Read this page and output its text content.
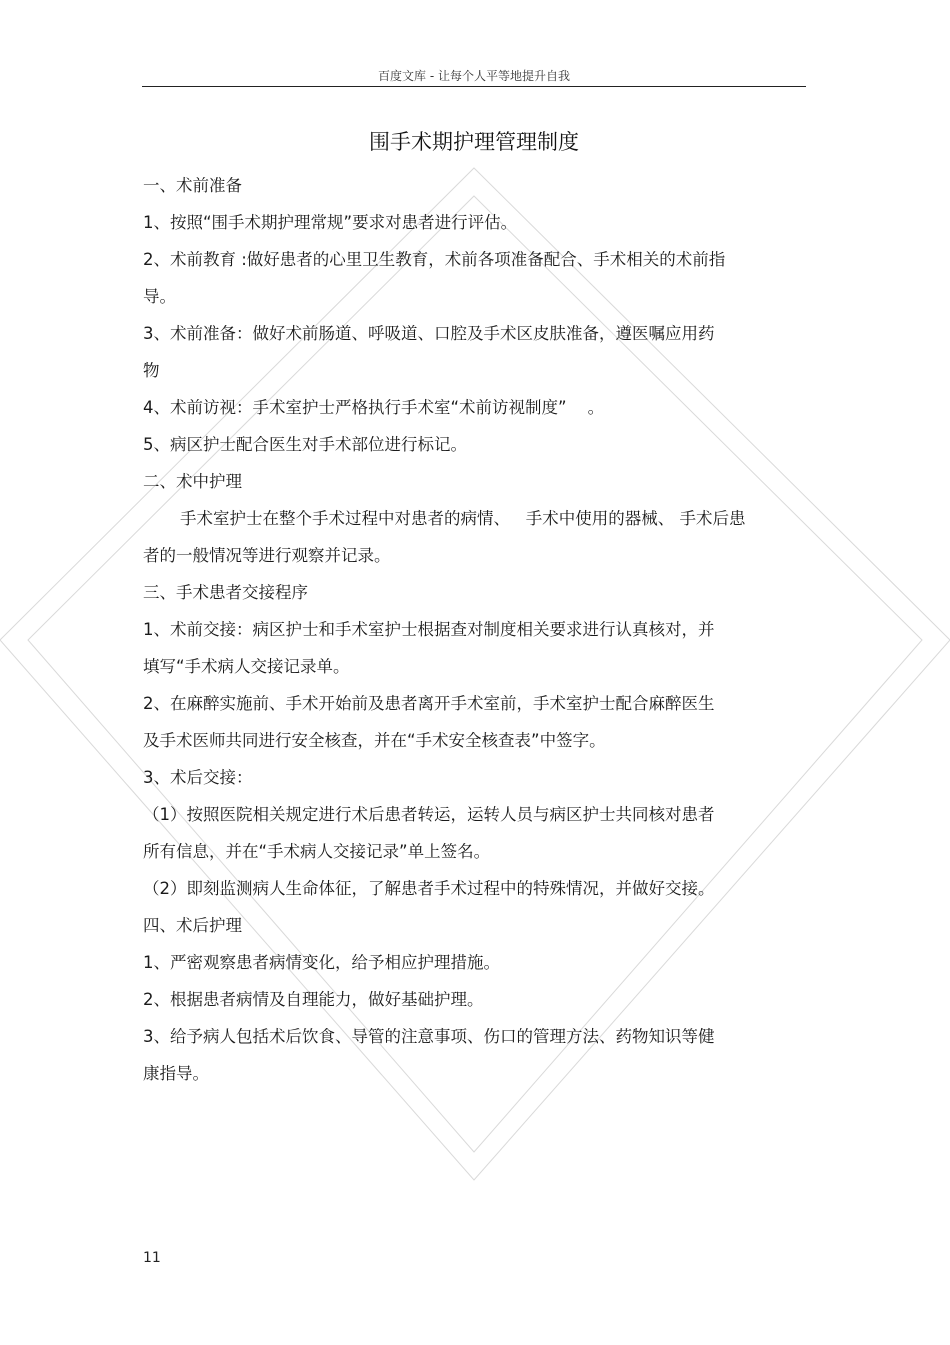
百度文库 - 让每个人平等地提升自我
围手术期护理管理制度
一、术前准备
1、按照“围手术期护理常规”要求对患者进行评估。
2、术前教育 :做好患者的心里卫生教育，术前各项准备配合、手术相关的术前指
导。
3、术前准备：做好术前肠道、呼吸道、口腔及手术区皮肤准备，遵医嘱应用药
物
4、术前访视：手术室护士严格执行手术室“术前访视制度”    。
5、病区护士配合医生对手术部位进行标记。
二、术中护理
手术室护士在整个手术过程中对患者的病情、   手术中使用的器械、 手术后患
者的一般情况等进行观察并记录。
三、手术患者交接程序
1、术前交接：病区护士和手术室护士根据查对制度相关要求进行认真核对，并
填写“手术病人交接记录单。
2、在麻醉实施前、手术开始前及患者离开手术室前，手术室护士配合麻醉医生
及手术医师共同进行安全核查，并在“手术安全核查表”中签字。
3、术后交接：
（1）按照医院相关规定进行术后患者转运，运转人员与病区护士共同核对患者
所有信息，并在“手术病人交接记录”单上签名。
（2）即刻监测病人生命体征，了解患者手术过程中的特殊情况，并做好交接。
四、术后护理
1、严密观察患者病情变化，给予相应护理措施。
2、根据患者病情及自理能力，做好基础护理。
3、给予病人包括术后饮食、导管的注意事项、伤口的管理方法、药物知识等健
康指导。
11
